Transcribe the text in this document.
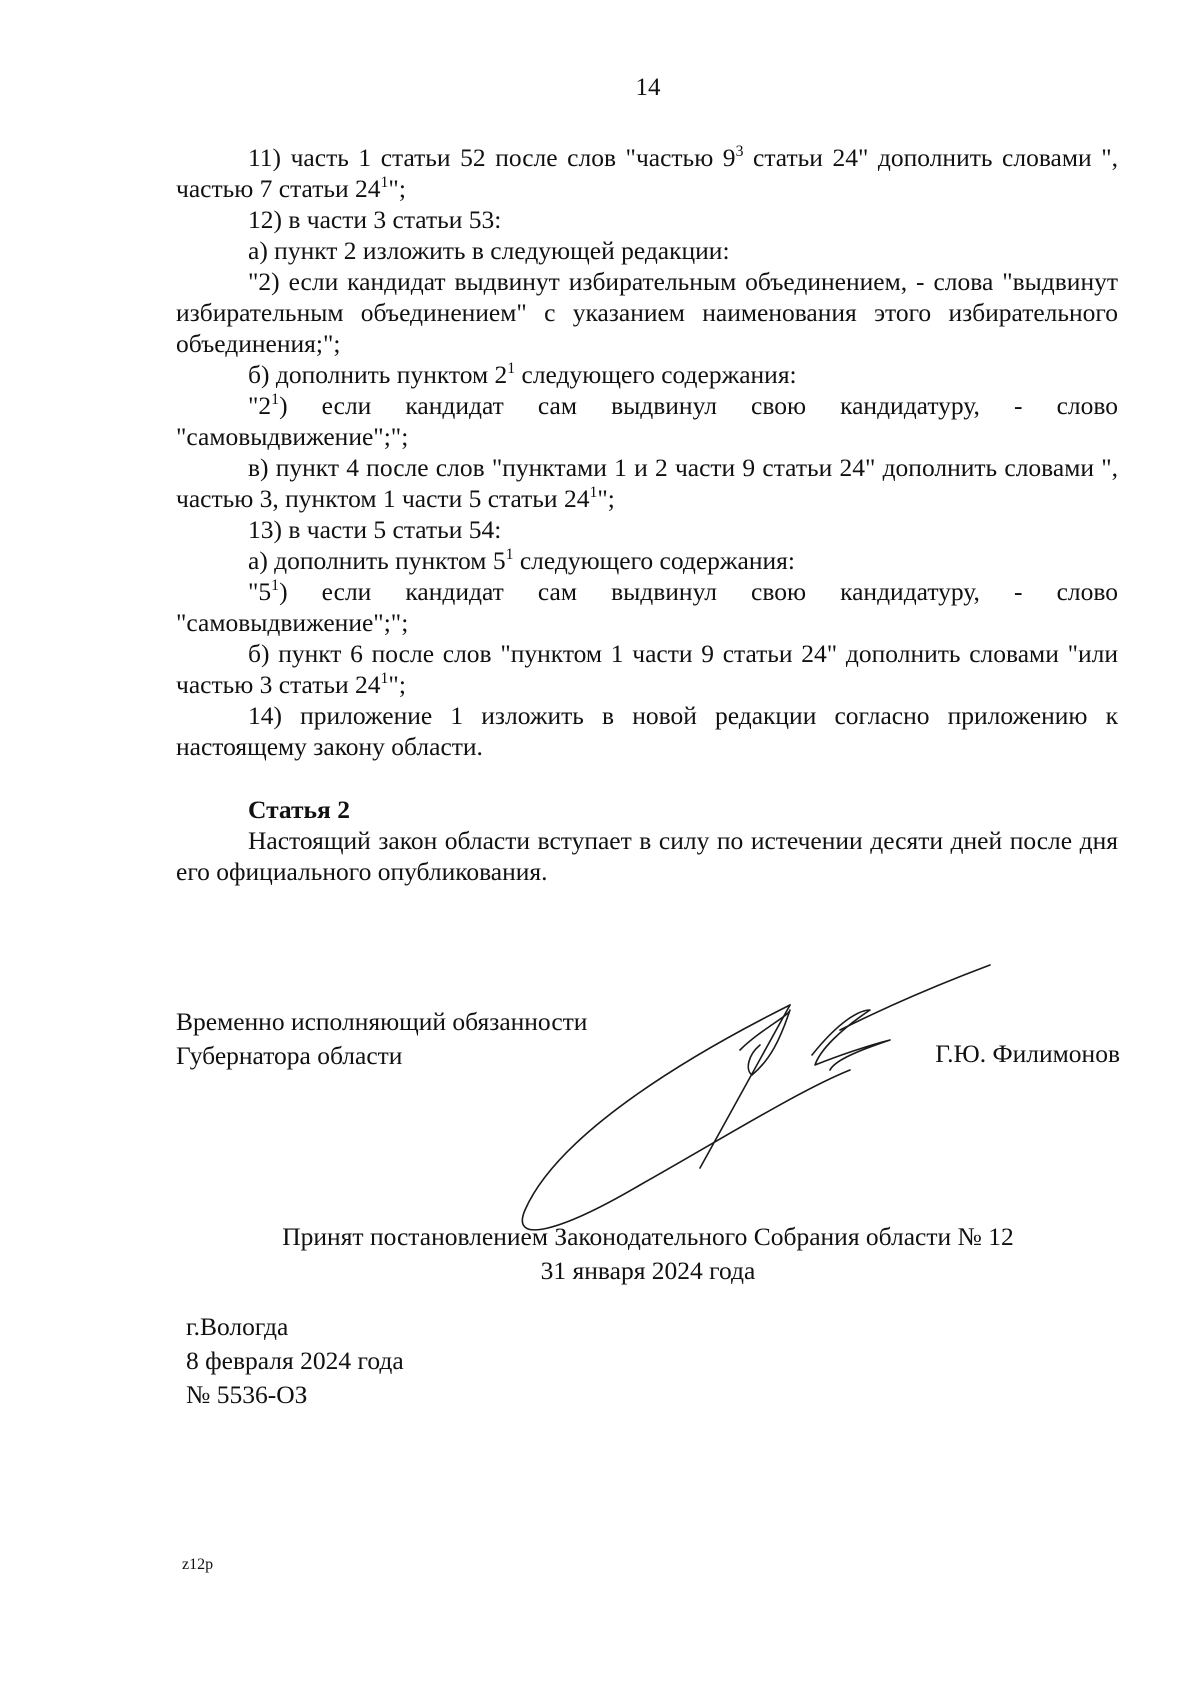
14

11) часть 1 статьи 52 после слов "частью $9^3$ статьи 24" дополнить словами ", частью 7 статьи $24^1$";

12) в части 3 статьи 53:

а) пункт 2 изложить в следующей редакции:

"2) если кандидат выдвинут избирательным объединением, - слова "выдвинут избирательным объединением" с указанием наименования этого избирательного объединения;";

б) дополнить пунктом $2^1$ следующего содержания:

"$2^1$) если кандидат сам выдвинул свою кандидатуру, - слово "самовыдвижение";";

в) пункт 4 после слов "пунктами 1 и 2 части 9 статьи 24" дополнить словами ", частью 3, пунктом 1 части 5 статьи $24^1$";

13) в части 5 статьи 54:

а) дополнить пунктом $5^1$ следующего содержания:

"$5^1$) если кандидат сам выдвинул свою кандидатуру, - слово "самовыдвижение";";

б) пункт 6 после слов "пунктом 1 части 9 статьи 24" дополнить словами "или частью 3 статьи $24^1$";

14) приложение 1 изложить в новой редакции согласно приложению к настоящему закону области.

Статья 2

Настоящий закон области вступает в силу по истечении десяти дней после дня его официального опубликования.

Временно исполняющий обязанности
Губернатора области	Г.Ю. Филимонов
Принят постановлением Законодательного Собрания области № 12
31 января 2024 года
г.Вологда
8 февраля 2024 года
№ 5536-ОЗ
z12p
